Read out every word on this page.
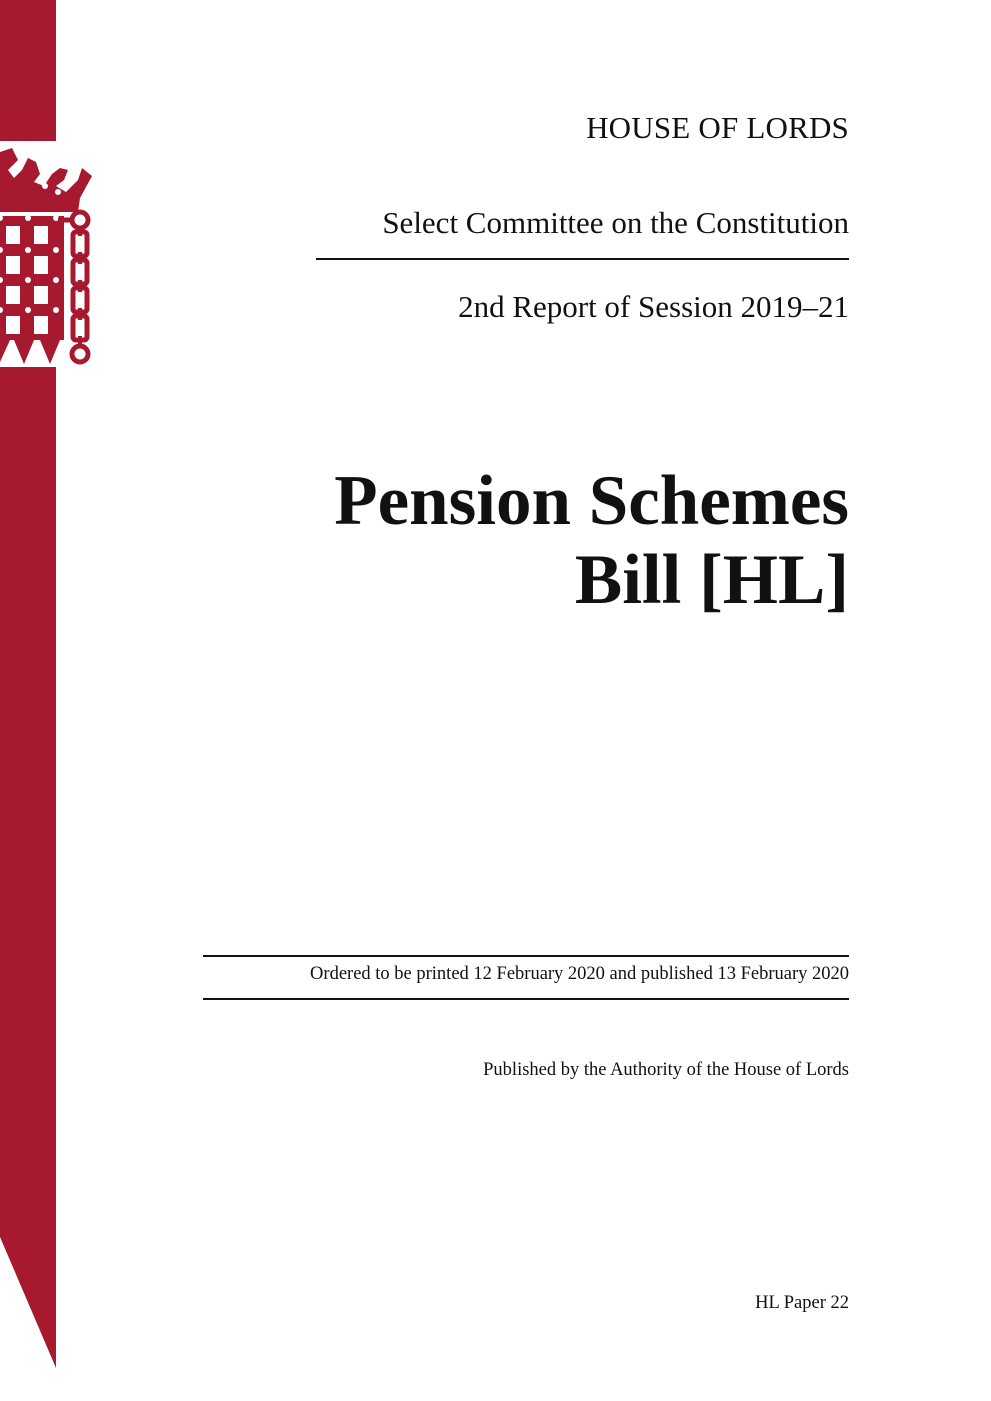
HOUSE OF LORDS
Select Committee on the Constitution
2nd Report of Session 2019–21
Pension Schemes
Bill [HL]
Ordered to be printed 12 February 2020 and published 13 February 2020
Published by the Authority of the House of Lords
HL Paper 22
